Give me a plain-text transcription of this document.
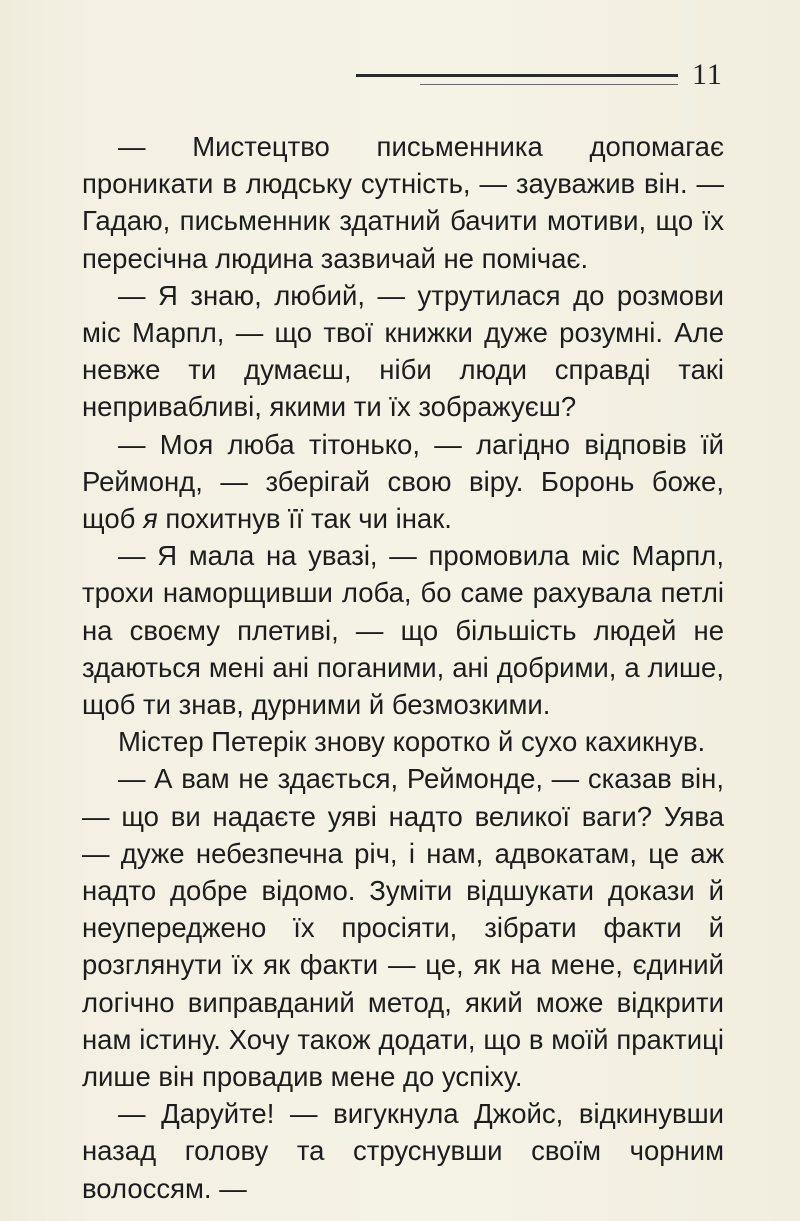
11

— Мистецтво письменника допомагає проникати в людську сутність, — зауважив він. — Гадаю, письменник здатний бачити мотиви, що їх пересічна людина зазвичай не помічає.

— Я знаю, любий, — утрутилася до розмови міс Марпл, — що твої книжки дуже розумні. Але невже ти думаєш, ніби люди справді такі непривабливі, якими ти їх зображуєш?

— Моя люба тітонько, — лагідно відповів їй Реймонд, — зберігай свою віру. Боронь боже, щоб я похитнув її так чи інак.

— Я мала на увазі, — промовила міс Марпл, трохи наморщивши лоба, бо саме рахувала петлі на своєму плетиві, — що більшість людей не здаються мені ані поганими, ані добрими, а лише, щоб ти знав, дурними й безмозкими.

Містер Петерік знову коротко й сухо кахикнув.

— А вам не здається, Реймонде, — сказав він, — що ви надаєте уяві надто великої ваги? Уява — дуже небезпечна річ, і нам, адвокатам, це аж надто добре відомо. Зуміти відшукати докази й неупереджено їх просіяти, зібрати факти й розглянути їх як факти — це, як на мене, єдиний логічно виправданий метод, який може відкрити нам істину. Хочу також додати, що в моїй практиці лише він провадив мене до успіху.

— Даруйте! — вигукнула Джойс, відкинувши назад голову та струснувши своїм чорним волоссям. —
